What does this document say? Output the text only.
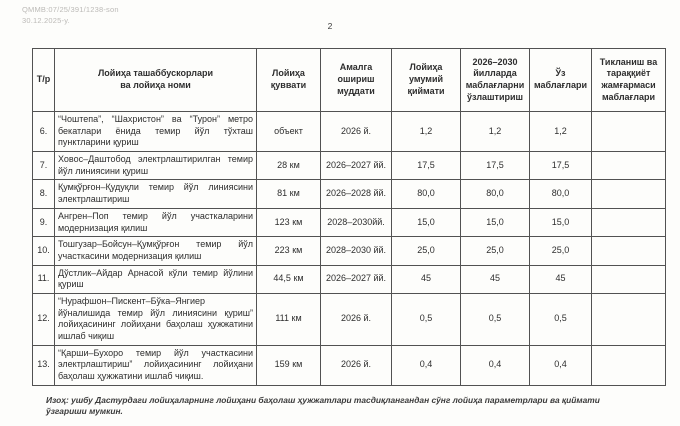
QMMB:07/25/391/1238-son
30.12.2025-y.
2
Т/р	Лойиҳа ташаббускорлари ва лойиҳа номи	Лойиҳа қуввати	Амалга ошириш муддати	Лойиҳа умумий қиймати	2026–2030 йилларда маблағларни ўзлаштириш	Ўз маблағлари	Тикланиш ва тараққиёт жамғармаси маблағлари
6.	“Чоштепа”, “Шахристон” ва “Турон” метро бекатлари ёнида темир йўл тўхташ пунктларини қуриш	объект	2026 й.	1,2	1,2	1,2	
7.	Ховос–Даштобод электрлаштирилган темир йўл линиясини қуриш	28 км	2026–2027 йй.	17,5	17,5	17,5	
8.	Қумқўрғон–Қудуқли темир йўл линиясини электрлаштириш	81 км	2026–2028 йй.	80,0	80,0	80,0	
9.	Ангрен–Поп темир йўл участкаларини модернизация қилиш	123 км	2028–2030йй.	15,0	15,0	15,0	
10.	Тошгузар–Бойсун–Қумқўрғон темир йўл участкасини модернизация қилиш	223 км	2028–2030 йй.	25,0	25,0	25,0	
11.	Дўстлик–Айдар Арнасой кўли темир йўлини қуриш	44,5 км	2026–2027 йй.	45	45	45	
12.	“Нурафшон–Пискент–Бўка–Янгиер йўналишида темир йўл линиясини қуриш” лойиҳасининг лойиҳани баҳолаш ҳужжатини ишлаб чиқиш	111 км	2026 й.	0,5	0,5	0,5	
13.	“Қарши–Бухоро темир йўл участкасини электрлаштириш” лойиҳасининг лойиҳани баҳолаш ҳужжатини ишлаб чиқиш.	159 км	2026 й.	0,4	0,4	0,4	
Изоҳ: ушбу Дастурдаги лойиҳаларнинг лойиҳани баҳолаш ҳужжатлари тасдиқлангандан сўнг лойиҳа параметрлари ва қиймати ўзгариши мумкин.
